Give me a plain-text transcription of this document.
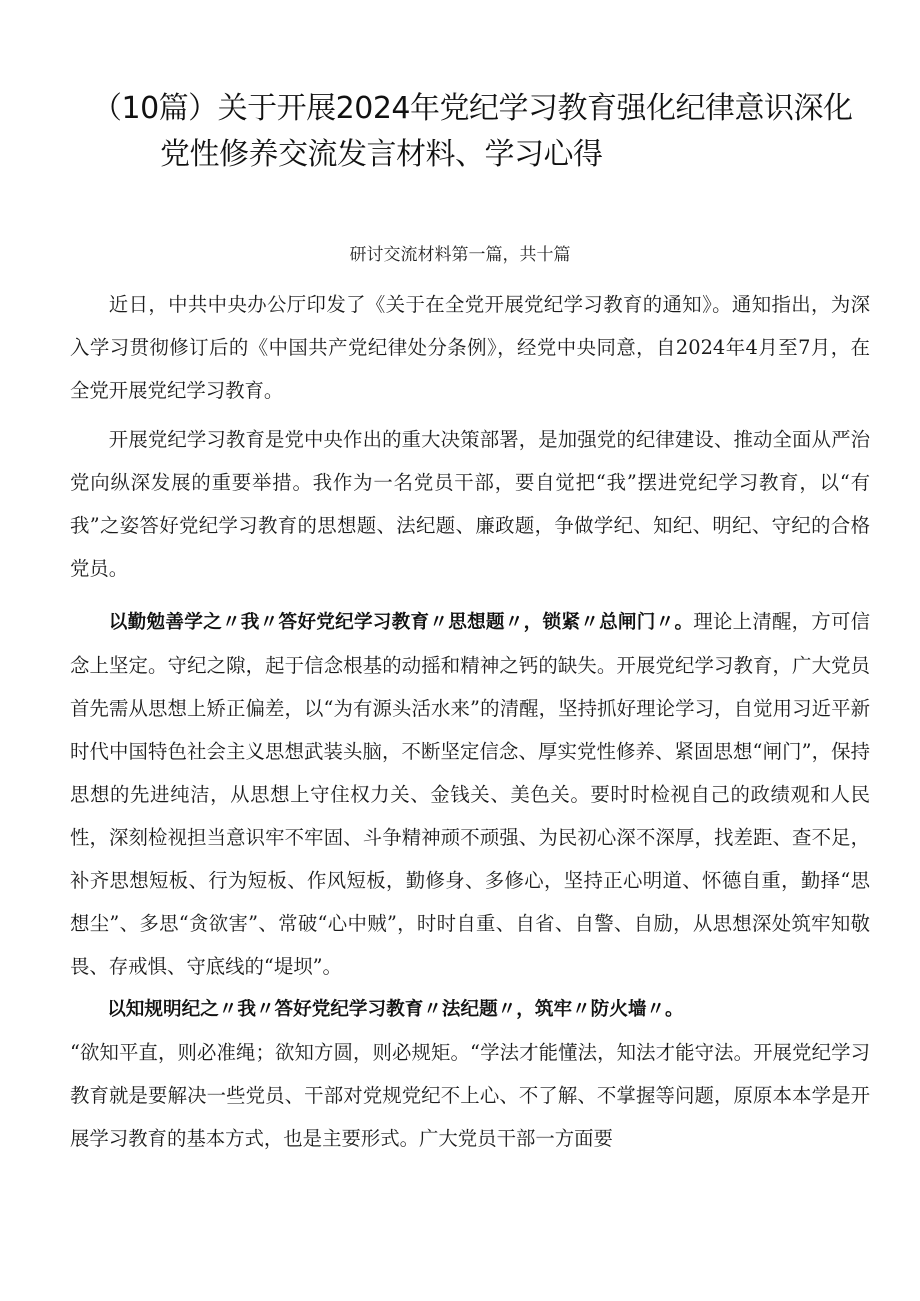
（10篇）关于开展2024年党纪学习教育强化纪律意识深化
党性修养交流发言材料、学习心得
研讨交流材料第一篇，共十篇

近日，中共中央办公厅印发了《关于在全党开展党纪学习教育的通知》。通知指出，为深入学习贯彻修订后的《中国共产党纪律处分条例》，经党中央同意，自2024年4月至7月，在全党开展党纪学习教育。

开展党纪学习教育是党中央作出的重大决策部署，是加强党的纪律建设、推动全面从严治党向纵深发展的重要举措。我作为一名党员干部，要自觉把“我”摆进党纪学习教育，以“有我”之姿答好党纪学习教育的思想题、法纪题、廉政题，争做学纪、知纪、明纪、守纪的合格党员。

以勤勉善学之〃我〃答好党纪学习教育〃思想题〃，锁紧〃总闸门〃。理论上清醒，方可信念上坚定。守纪之隙，起于信念根基的动摇和精神之钙的缺失。开展党纪学习教育，广大党员首先需从思想上矫正偏差，以“为有源头活水来”的清醒，坚持抓好理论学习，自觉用习近平新时代中国特色社会主义思想武装头脑，不断坚定信念、厚实党性修养、紧固思想“闸门”，保持思想的先进纯洁，从思想上守住权力关、金钱关、美色关。要时时检视自己的政绩观和人民性，深刻检视担当意识牢不牢固、斗争精神顽不顽强、为民初心深不深厚，找差距、查不足，补齐思想短板、行为短板、作风短板，勤修身、多修心，坚持正心明道、怀德自重，勤择“思想尘”、多思“贪欲害”、常破“心中贼”，时时自重、自省、自警、自励，从思想深处筑牢知敬畏、存戒惧、守底线的“堤坝”。

以知规明纪之〃我〃答好党纪学习教育〃法纪题〃，筑牢〃防火墙〃。

“欲知平直，则必准绳；欲知方圆，则必规矩。“学法才能懂法，知法才能守法。开展党纪学习教育就是要解决一些党员、干部对党规党纪不上心、不了解、不掌握等问题，原原本本学是开展学习教育的基本方式，也是主要形式。广大党员干部一方面要
